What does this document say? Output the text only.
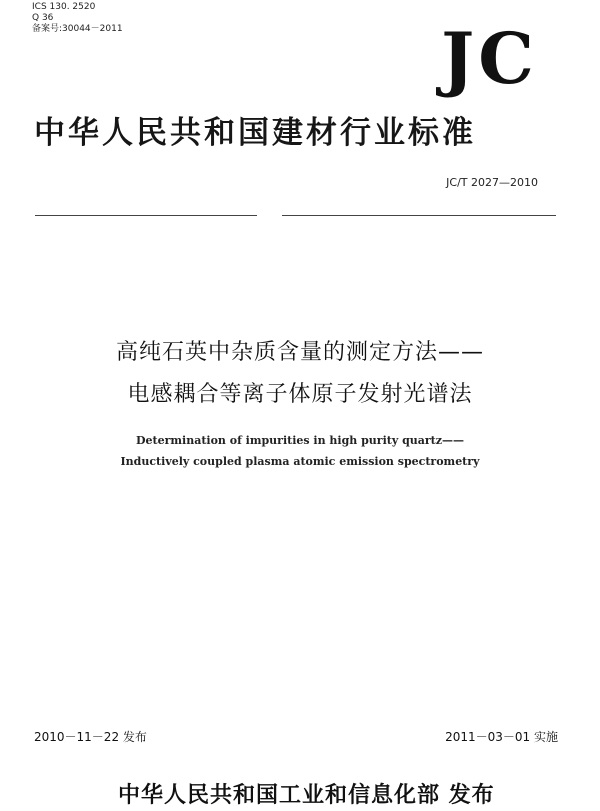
ICS 130. 2520
Q 36
备案号:30044－2011	JC
中华人民共和国建材行业标准
JC/T 2027—2010
高纯石英中杂质含量的测定方法——
电感耦合等离子体原子发射光谱法
Determination of impurities in high purity quartz——
Inductively coupled plasma atomic emission spectrometry
2010－11－22 发布	2011－03－01 实施
中华人民共和国工业和信息化部 发布
